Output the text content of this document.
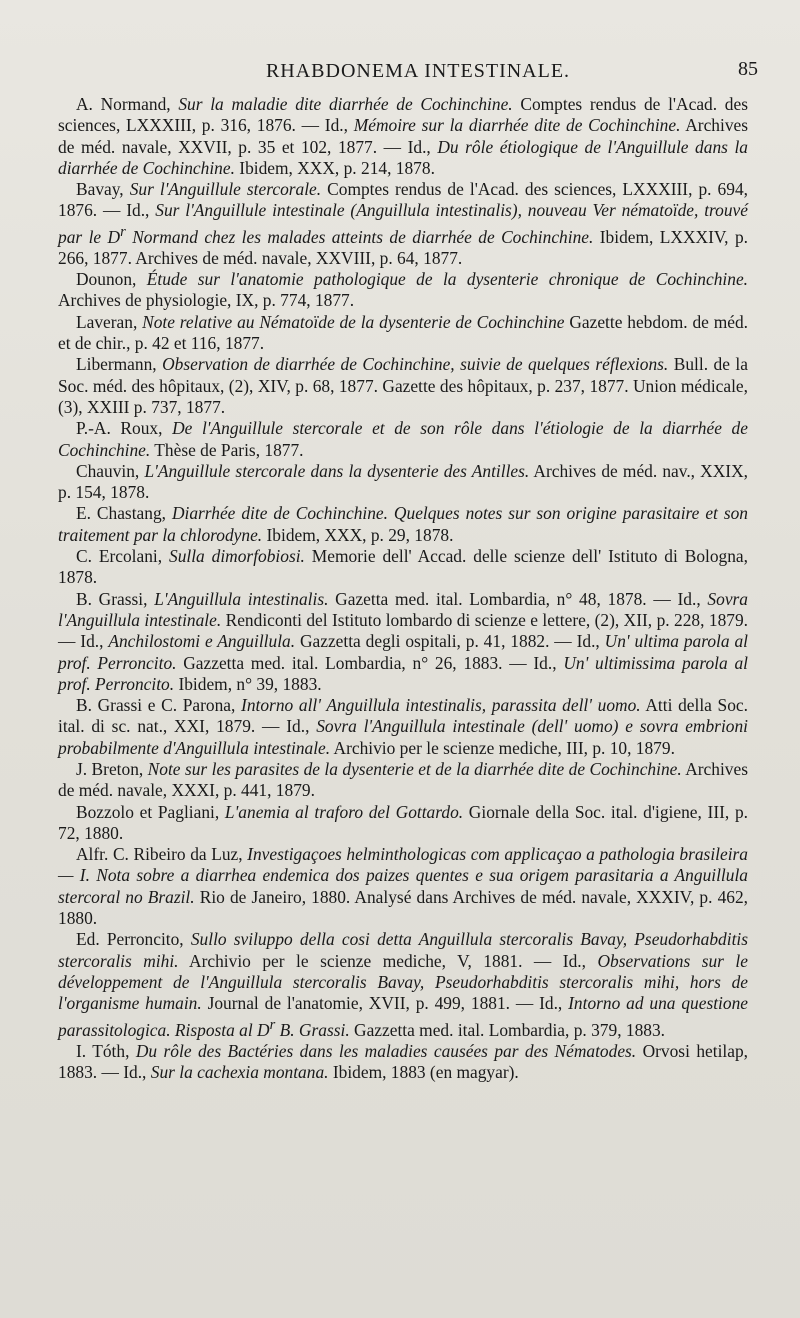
RHABDONEMA INTESTINALE.	85

A. Normand, Sur la maladie dite diarrhée de Cochinchine. Comptes rendus de l'Acad. des sciences, LXXXIII, p. 316, 1876. — Id., Mémoire sur la diarrhée dite de Cochinchine. Archives de méd. navale, XXVII, p. 35 et 102, 1877. — Id., Du rôle étiologique de l'Anguillule dans la diarrhée de Cochinchine. Ibidem, XXX, p. 214, 1878.

Bavay, Sur l'Anguillule stercorale. Comptes rendus de l'Acad. des sciences, LXXXIII, p. 694, 1876. — Id., Sur l'Anguillule intestinale (Anguillula intestinalis), nouveau Ver nématoïde, trouvé par le $D^r$ Normand chez les malades atteints de diarrhée de Cochinchine. Ibidem, LXXXIV, p. 266, 1877. Archives de méd. navale, XXVIII, p. 64, 1877.

Dounon, Étude sur l'anatomie pathologique de la dysenterie chronique de Cochinchine. Archives de physiologie, IX, p. 774, 1877.

Laveran, Note relative au Nématoïde de la dysenterie de Cochinchine Gazette hebdom. de méd. et de chir., p. 42 et 116, 1877.

Libermann, Observation de diarrhée de Cochinchine, suivie de quelques réflexions. Bull. de la Soc. méd. des hôpitaux, (2), XIV, p. 68, 1877. Gazette des hôpitaux, p. 237, 1877. Union médicale, (3), XXIII p. 737, 1877.

P.-A. Roux, De l'Anguillule stercorale et de son rôle dans l'étiologie de la diarrhée de Cochinchine. Thèse de Paris, 1877.

Chauvin, L'Anguillule stercorale dans la dysenterie des Antilles. Archives de méd. nav., XXIX, p. 154, 1878.

E. Chastang, Diarrhée dite de Cochinchine. Quelques notes sur son origine parasitaire et son traitement par la chlorodyne. Ibidem, XXX, p. 29, 1878.

C. Ercolani, Sulla dimorfobiosi. Memorie dell' Accad. delle scienze dell' Istituto di Bologna, 1878.

B. Grassi, L'Anguillula intestinalis. Gazetta med. ital. Lombardia, n° 48, 1878. — Id., Sovra l'Anguillula intestinale. Rendiconti del Istituto lombardo di scienze e lettere, (2), XII, p. 228, 1879. — Id., Anchilostomi e Anguillula. Gazzetta degli ospitali, p. 41, 1882. — Id., Un' ultima parola al prof. Perroncito. Gazzetta med. ital. Lombardia, n° 26, 1883. — Id., Un' ultimissima parola al prof. Perroncito. Ibidem, n° 39, 1883.

B. Grassi e C. Parona, Intorno all' Anguillula intestinalis, parassita dell' uomo. Atti della Soc. ital. di sc. nat., XXI, 1879. — Id., Sovra l'Anguillula intestinale (dell' uomo) e sovra embrioni probabilmente d'Anguillula intestinale. Archivio per le scienze mediche, III, p. 10, 1879.

J. Breton, Note sur les parasites de la dysenterie et de la diarrhée dite de Cochinchine. Archives de méd. navale, XXXI, p. 441, 1879.

Bozzolo et Pagliani, L'anemia al traforo del Gottardo. Giornale della Soc. ital. d'igiene, III, p. 72, 1880.

Alfr. C. Ribeiro da Luz, Investigaçoes helminthologicas com applicaçao a pathologia brasileira — I. Nota sobre a diarrhea endemica dos paizes quentes e sua origem parasitaria a Anguillula stercoral no Brazil. Rio de Janeiro, 1880. Analysé dans Archives de méd. navale, XXXIV, p. 462, 1880.

Ed. Perroncito, Sullo sviluppo della cosi detta Anguillula stercoralis Bavay, Pseudorhabditis stercoralis mihi. Archivio per le scienze mediche, V, 1881. — Id., Observations sur le développement de l'Anguillula stercoralis Bavay, Pseudorhabditis stercoralis mihi, hors de l'organisme humain. Journal de l'anatomie, XVII, p. 499, 1881. — Id., Intorno ad una questione parassitologica. Risposta al $D^r$ B. Grassi. Gazzetta med. ital. Lombardia, p. 379, 1883.

I. Tóth, Du rôle des Bactéries dans les maladies causées par des Nématodes. Orvosi hetilap, 1883. — Id., Sur la cachexia montana. Ibidem, 1883 (en magyar).
